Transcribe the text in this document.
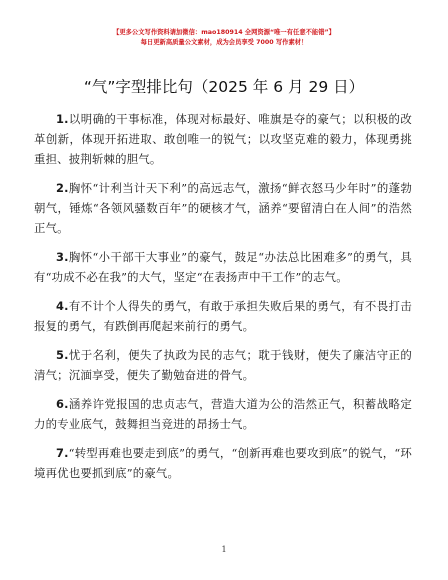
【更多公文写作资料请加微信：mao180914 全网资源“唯一有任意不能错”】
每日更新高质量公文素材，成为会员享受 7000 写作素材！
“气”字型排比句（2025 年 6 月 29 日）

1.以明确的干事标准，体现对标最好、唯旗是夺的豪气；以积极的改革创新，体现开拓进取、敢创唯一的锐气；以攻坚克难的毅力，体现勇挑重担、披荆斩棘的胆气。

2.胸怀“计利当计天下利”的高远志气，激扬“鲜衣怒马少年时”的蓬勃朝气，锤炼“各领风骚数百年”的硬核才气，涵养“要留清白在人间”的浩然正气。

3.胸怀“小干部干大事业”的豪气，鼓足“办法总比困难多”的勇气，具有“功成不必在我”的大气，坚定“在表扬声中干工作”的志气。

4.有不计个人得失的勇气，有敢于承担失败后果的勇气，有不畏打击报复的勇气，有跌倒再爬起来前行的勇气。

5.忧于名利，便失了执政为民的志气；耽于钱财，便失了廉洁守正的清气；沉湎享受，便失了勤勉奋进的骨气。

6.涵养许党报国的忠贞志气，营造大道为公的浩然正气，积蓄战略定力的专业底气，鼓舞担当竞进的昂扬士气。

7.“转型再难也要走到底”的勇气，“创新再难也要攻到底”的锐气，“环境再优也要抓到底”的豪气。

1
